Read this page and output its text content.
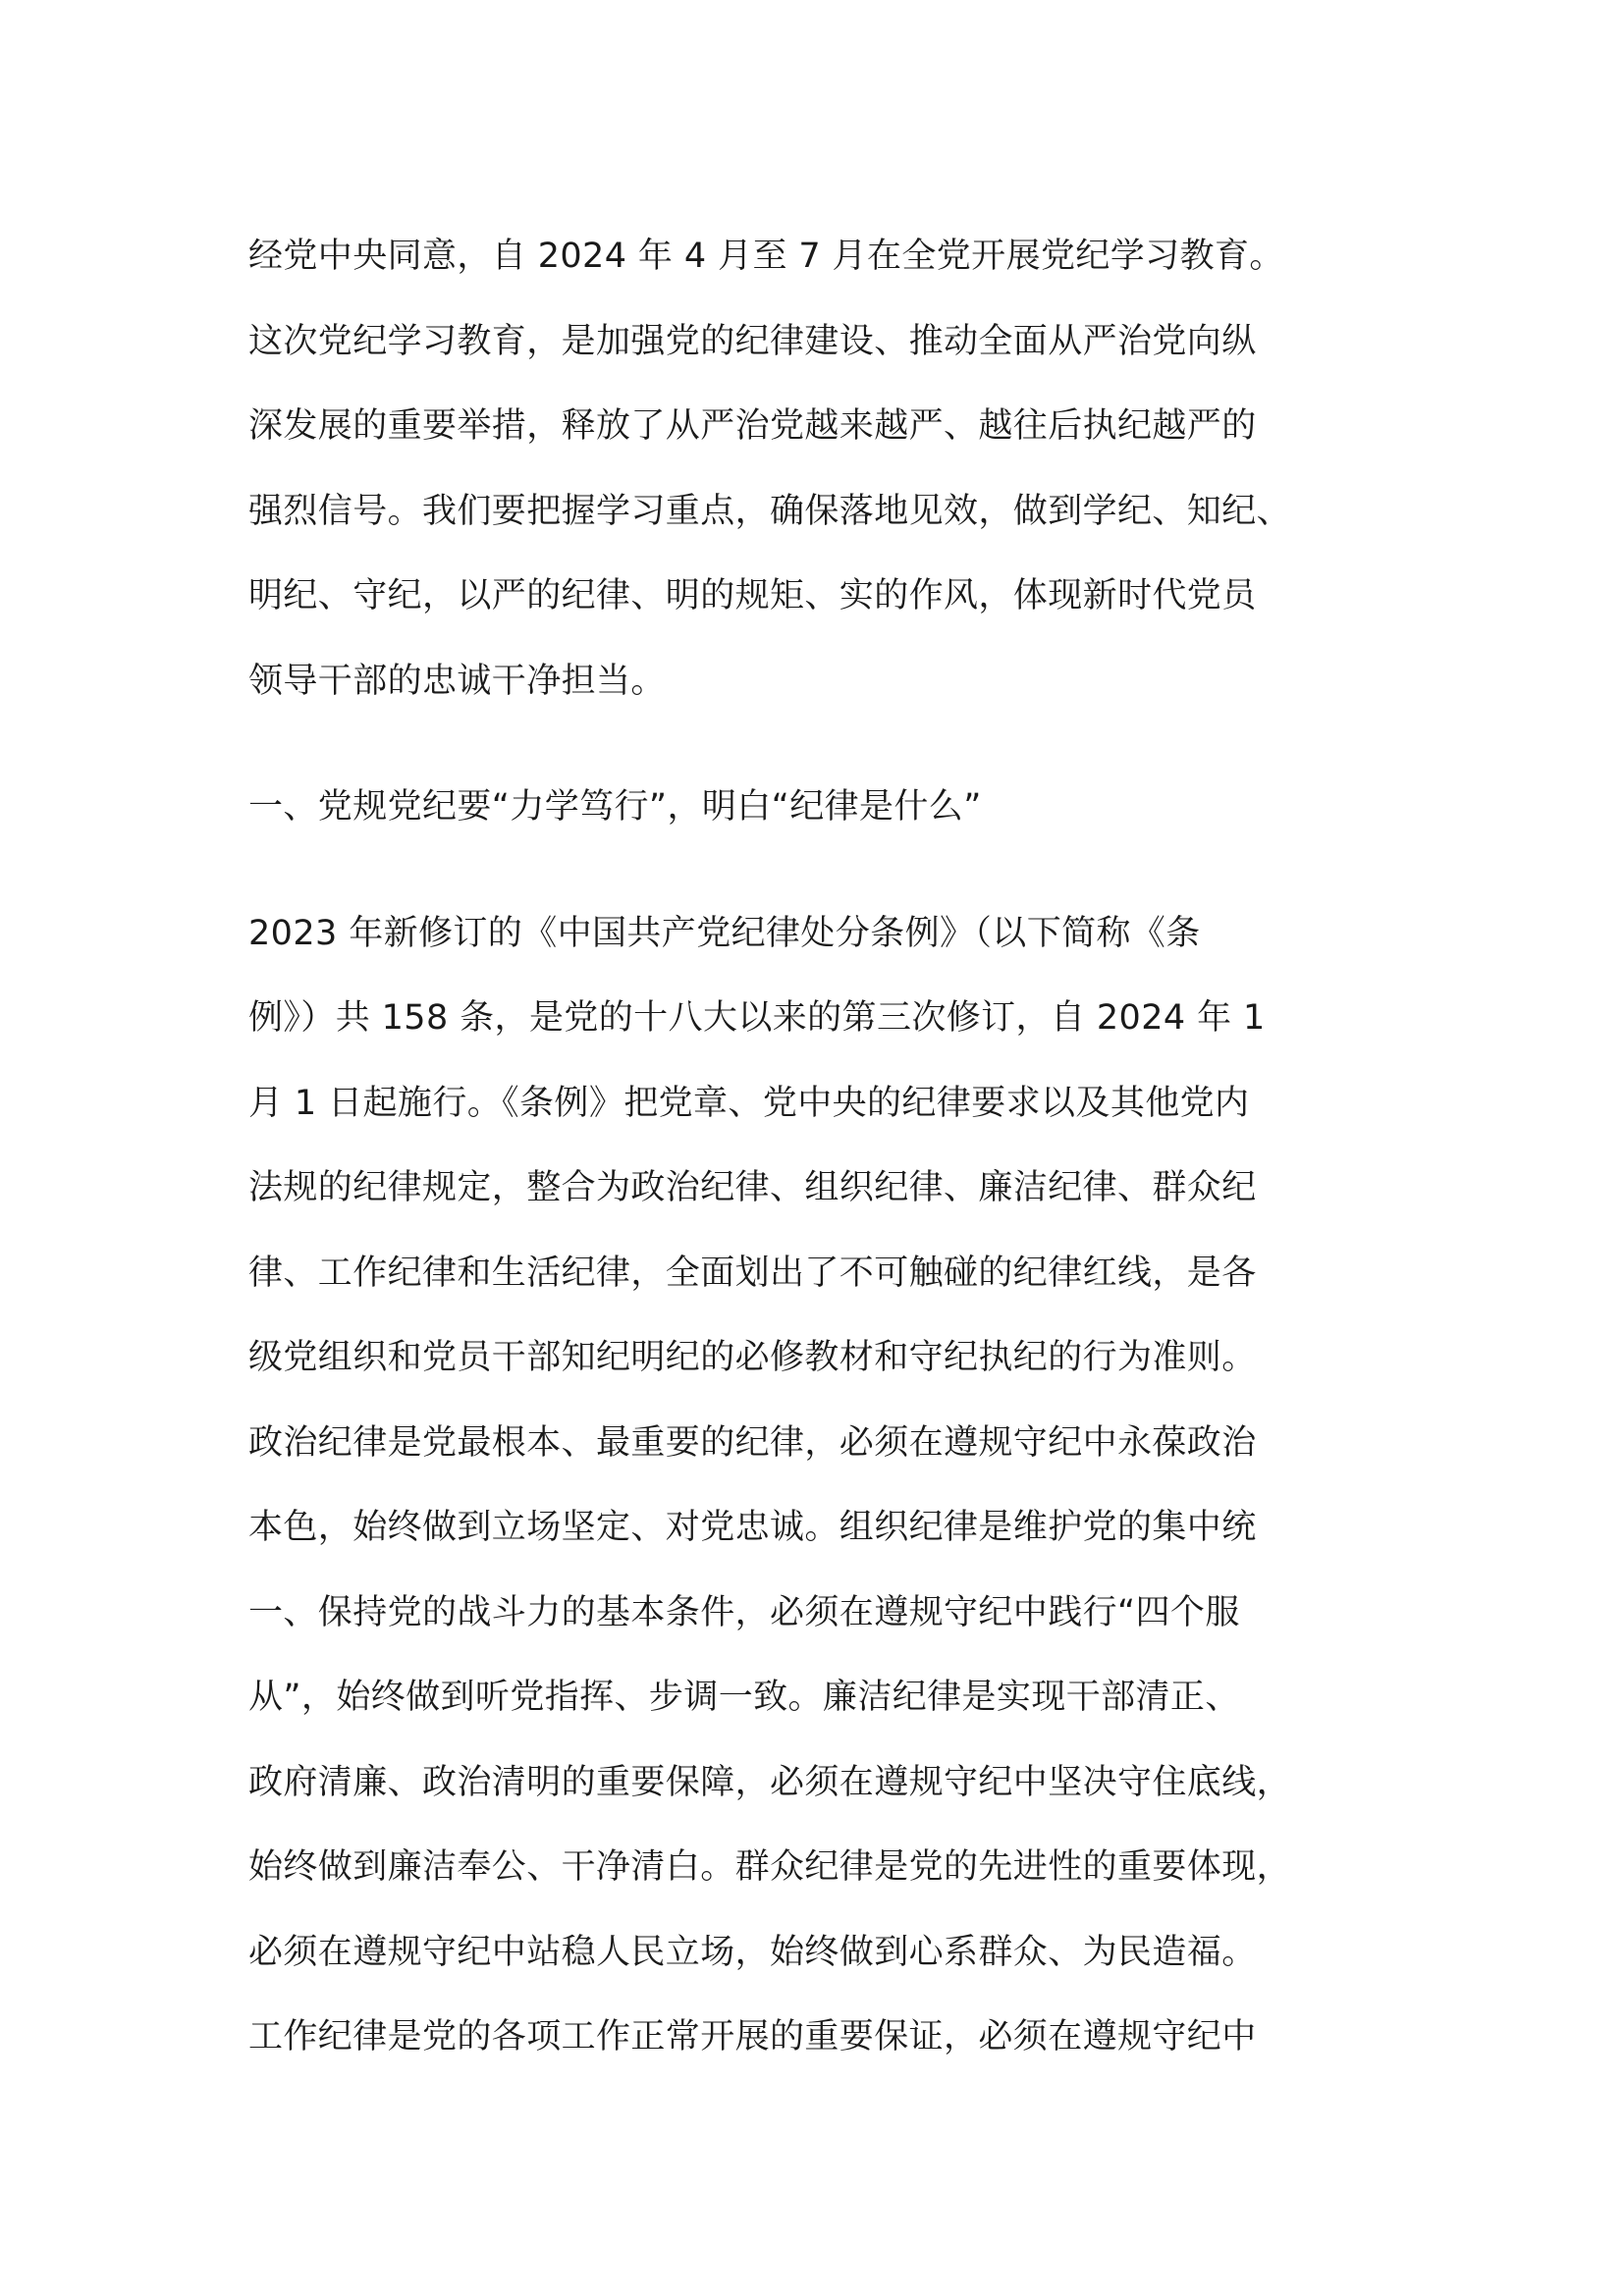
经党中央同意，自 2024 年 4 月至 7 月在全党开展党纪学习教育。
这次党纪学习教育，是加强党的纪律建设、推动全面从严治党向纵
深发展的重要举措，释放了从严治党越来越严、越往后执纪越严的
强烈信号。我们要把握学习重点，确保落地见效，做到学纪、知纪、
明纪、守纪，以严的纪律、明的规矩、实的作风，体现新时代党员
领导干部的忠诚干净担当。
一、党规党纪要“力学笃行”，明白“纪律是什么”
2023 年新修订的《中国共产党纪律处分条例》（以下简称《条
例》）共 158 条，是党的十八大以来的第三次修订，自 2024 年 1
月 1 日起施行。《条例》把党章、党中央的纪律要求以及其他党内
法规的纪律规定，整合为政治纪律、组织纪律、廉洁纪律、群众纪
律、工作纪律和生活纪律，全面划出了不可触碰的纪律红线，是各
级党组织和党员干部知纪明纪的必修教材和守纪执纪的行为准则。
政治纪律是党最根本、最重要的纪律，必须在遵规守纪中永葆政治
本色，始终做到立场坚定、对党忠诚。组织纪律是维护党的集中统
一、保持党的战斗力的基本条件，必须在遵规守纪中践行“四个服
从”，始终做到听党指挥、步调一致。廉洁纪律是实现干部清正、
政府清廉、政治清明的重要保障，必须在遵规守纪中坚决守住底线，
始终做到廉洁奉公、干净清白。群众纪律是党的先进性的重要体现，
必须在遵规守纪中站稳人民立场，始终做到心系群众、为民造福。
工作纪律是党的各项工作正常开展的重要保证，必须在遵规守纪中
